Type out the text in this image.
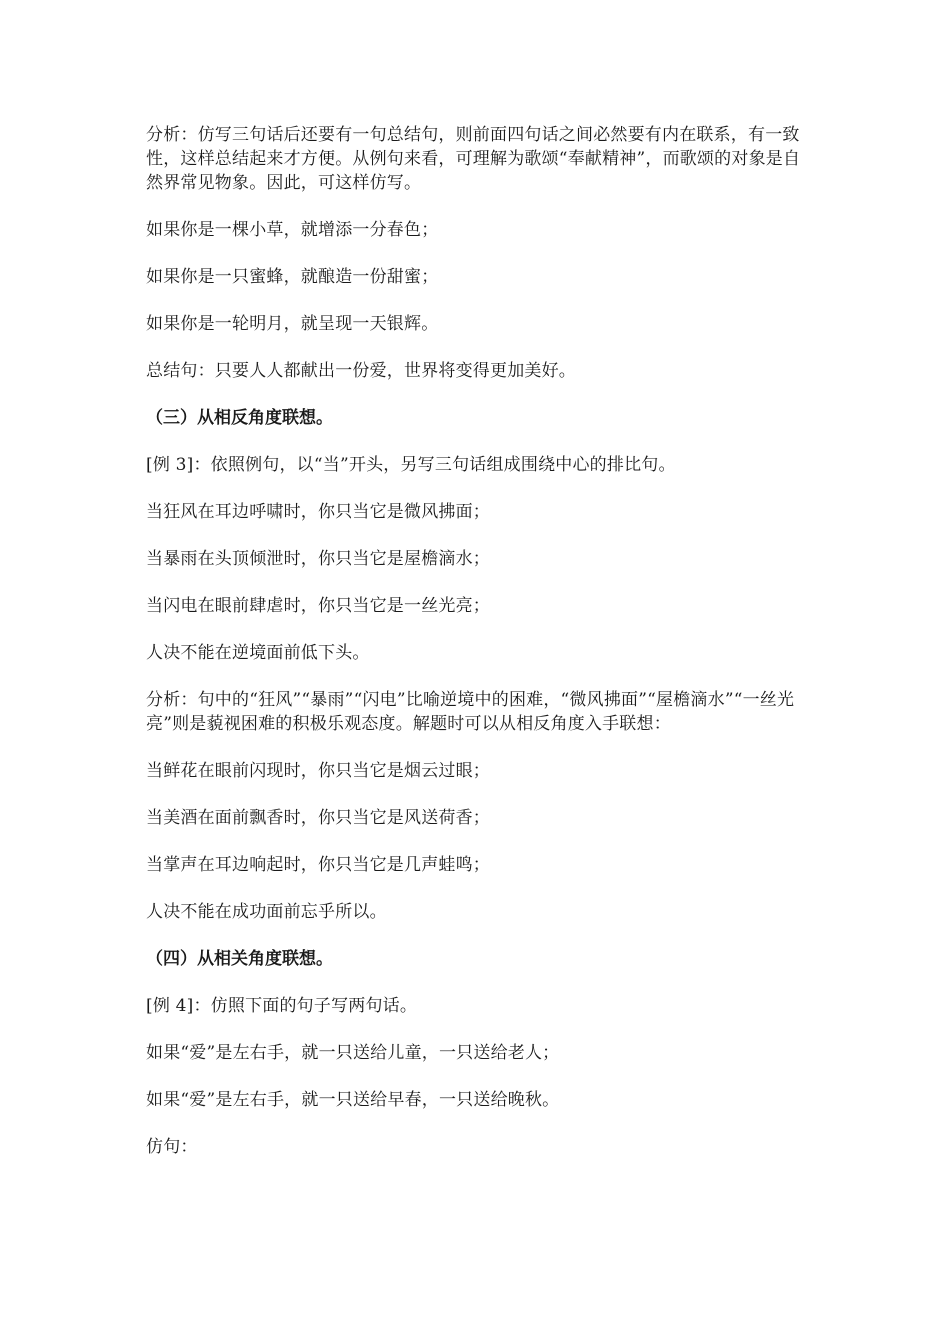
分析：仿写三句话后还要有一句总结句，则前面四句话之间必然要有内在联系，有一致性，这样总结起来才方便。从例句来看，可理解为歌颂“奉献精神”，而歌颂的对象是自然界常见物象。因此，可这样仿写。

如果你是一棵小草，就增添一分春色；

如果你是一只蜜蜂，就酿造一份甜蜜；

如果你是一轮明月，就呈现一天银辉。

总结句：只要人人都献出一份爱，世界将变得更加美好。

（三）从相反角度联想。

[例 3]：依照例句，以“当”开头，另写三句话组成围绕中心的排比句。

当狂风在耳边呼啸时，你只当它是微风拂面；

当暴雨在头顶倾泄时，你只当它是屋檐滴水；

当闪电在眼前肆虐时，你只当它是一丝光亮；

人决不能在逆境面前低下头。

分析：句中的“狂风”“暴雨”“闪电”比喻逆境中的困难，“微风拂面”“屋檐滴水”“一丝光亮”则是藐视困难的积极乐观态度。解题时可以从相反角度入手联想：

当鲜花在眼前闪现时，你只当它是烟云过眼；

当美酒在面前飘香时，你只当它是风送荷香；

当掌声在耳边响起时，你只当它是几声蛙鸣；

人决不能在成功面前忘乎所以。

（四）从相关角度联想。

[例 4]：仿照下面的句子写两句话。

如果“爱”是左右手，就一只送给儿童，一只送给老人；

如果“爱”是左右手，就一只送给早春，一只送给晚秋。

仿句：
